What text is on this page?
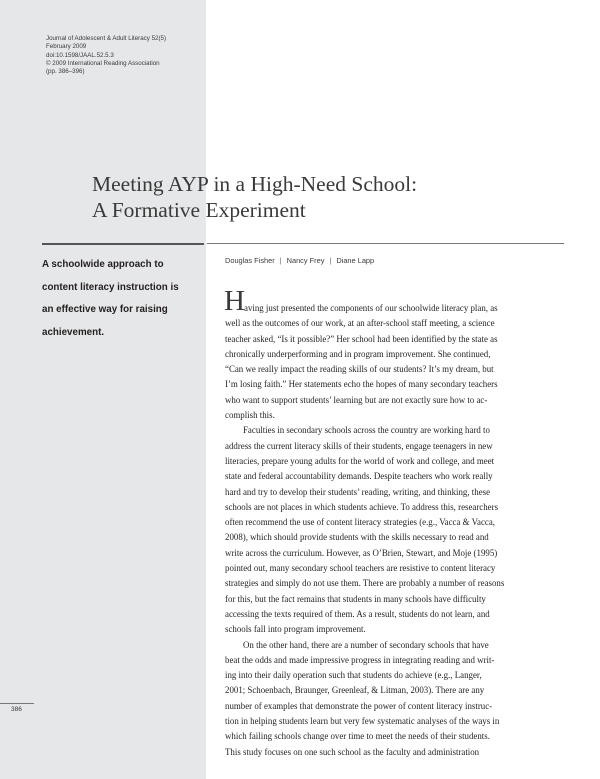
Journal of Adolescent & Adult Literacy 52(5)
February 2009
doi:10.1598/JAAL.52.5.3
© 2009 International Reading Association
(pp. 386–396)
Meeting AYP in a High-Need School:
A Formative Experiment
A schoolwide approach to
content literacy instruction is
an effective way for raising
achievement.
Douglas Fisher | Nancy Frey | Diane Lapp

H aving just presented the components of our schoolwide literacy plan, as
well as the outcomes of our work, at an after-school staff meeting, a science
teacher asked, “Is it possible?” Her school had been identified by the state as
chronically underperforming and in program improvement. She continued,
“Can we really impact the reading skills of our students? It’s my dream, but
I’m losing faith.” Her statements echo the hopes of many secondary teachers
who want to support students’ learning but are not exactly sure how to ac-
complish this.

Faculties in secondary schools across the country are working hard to
address the current literacy skills of their students, engage teenagers in new
literacies, prepare young adults for the world of work and college, and meet
state and federal accountability demands. Despite teachers who work really
hard and try to develop their students’ reading, writing, and thinking, these
schools are not places in which students achieve. To address this, researchers
often recommend the use of content literacy strategies (e.g., Vacca & Vacca,
2008), which should provide students with the skills necessary to read and
write across the curriculum. However, as O’Brien, Stewart, and Moje (1995)
pointed out, many secondary school teachers are resistive to content literacy
strategies and simply do not use them. There are probably a number of reasons
for this, but the fact remains that students in many schools have difficulty
accessing the texts required of them. As a result, students do not learn, and
schools fall into program improvement.

On the other hand, there are a number of secondary schools that have
beat the odds and made impressive progress in integrating reading and writ-
ing into their daily operation such that students do achieve (e.g., Langer,
2001; Schoenbach, Braunger, Greenleaf, & Litman, 2003). There are any
number of examples that demonstrate the power of content literacy instruc-
tion in helping students learn but very few systematic analyses of the ways in
which failing schools change over time to meet the needs of their students.
This study focuses on one such school as the faculty and administration

386
